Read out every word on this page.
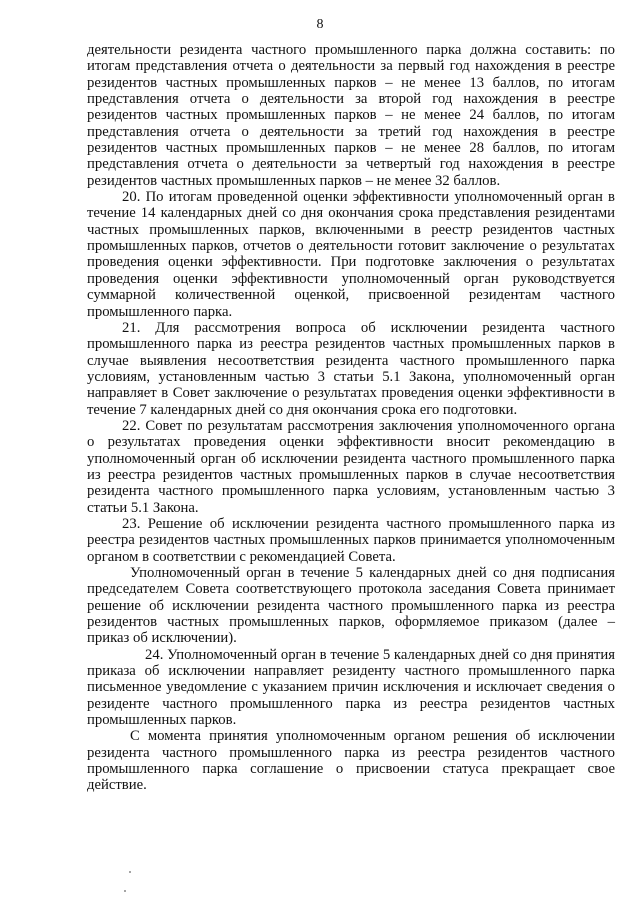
8

деятельности резидента частного промышленного парка должна составить: по итогам представления отчета о деятельности за первый год нахождения в реестре резидентов частных промышленных парков – не менее 13 баллов, по итогам представления отчета о деятельности за второй год нахождения в реестре резидентов частных промышленных парков – не менее 24 баллов, по итогам представления отчета о деятельности за третий год нахождения в реестре резидентов частных промышленных парков – не менее 28 баллов, по итогам представления отчета о деятельности за четвертый год нахождения в реестре резидентов частных промышленных парков – не менее 32 баллов.

20. По итогам проведенной оценки эффективности уполномоченный орган в течение 14 календарных дней со дня окончания срока представления резидентами частных промышленных парков, включенными в реестр резидентов частных промышленных парков, отчетов о деятельности готовит заключение о результатах проведения оценки эффективности. При подготовке заключения о результатах проведения оценки эффективности уполномоченный орган руководствуется суммарной количественной оценкой, присвоенной резидентам частного промышленного парка.

21. Для рассмотрения вопроса об исключении резидента частного промышленного парка из реестра резидентов частных промышленных парков в случае выявления несоответствия резидента частного промышленного парка условиям, установленным частью 3 статьи 5.1 Закона, уполномоченный орган направляет в Совет заключение о результатах проведения оценки эффективности в течение 7 календарных дней со дня окончания срока его подготовки.

22. Совет по результатам рассмотрения заключения уполномоченного органа о результатах проведения оценки эффективности вносит рекомендацию в уполномоченный орган об исключении резидента частного промышленного парка из реестра резидентов частных промышленных парков в случае несоответствия резидента частного промышленного парка условиям, установленным частью 3 статьи 5.1 Закона.

23. Решение об исключении резидента частного промышленного парка из реестра резидентов частных промышленных парков принимается уполномоченным органом в соответствии с рекомендацией Совета.

Уполномоченный орган в течение 5 календарных дней со дня подписания председателем Совета соответствующего протокола заседания Совета принимает решение об исключении резидента частного промышленного парка из реестра резидентов частных промышленных парков, оформляемое приказом (далее – приказ об исключении).

24. Уполномоченный орган в течение 5 календарных дней со дня принятия приказа об исключении направляет резиденту частного промышленного парка письменное уведомление с указанием причин исключения и исключает сведения о резиденте частного промышленного парка из реестра резидентов частных промышленных парков.

С момента принятия уполномоченным органом решения об исключении резидента частного промышленного парка из реестра резидентов частного промышленного парка соглашение о присвоении статуса прекращает свое действие.
